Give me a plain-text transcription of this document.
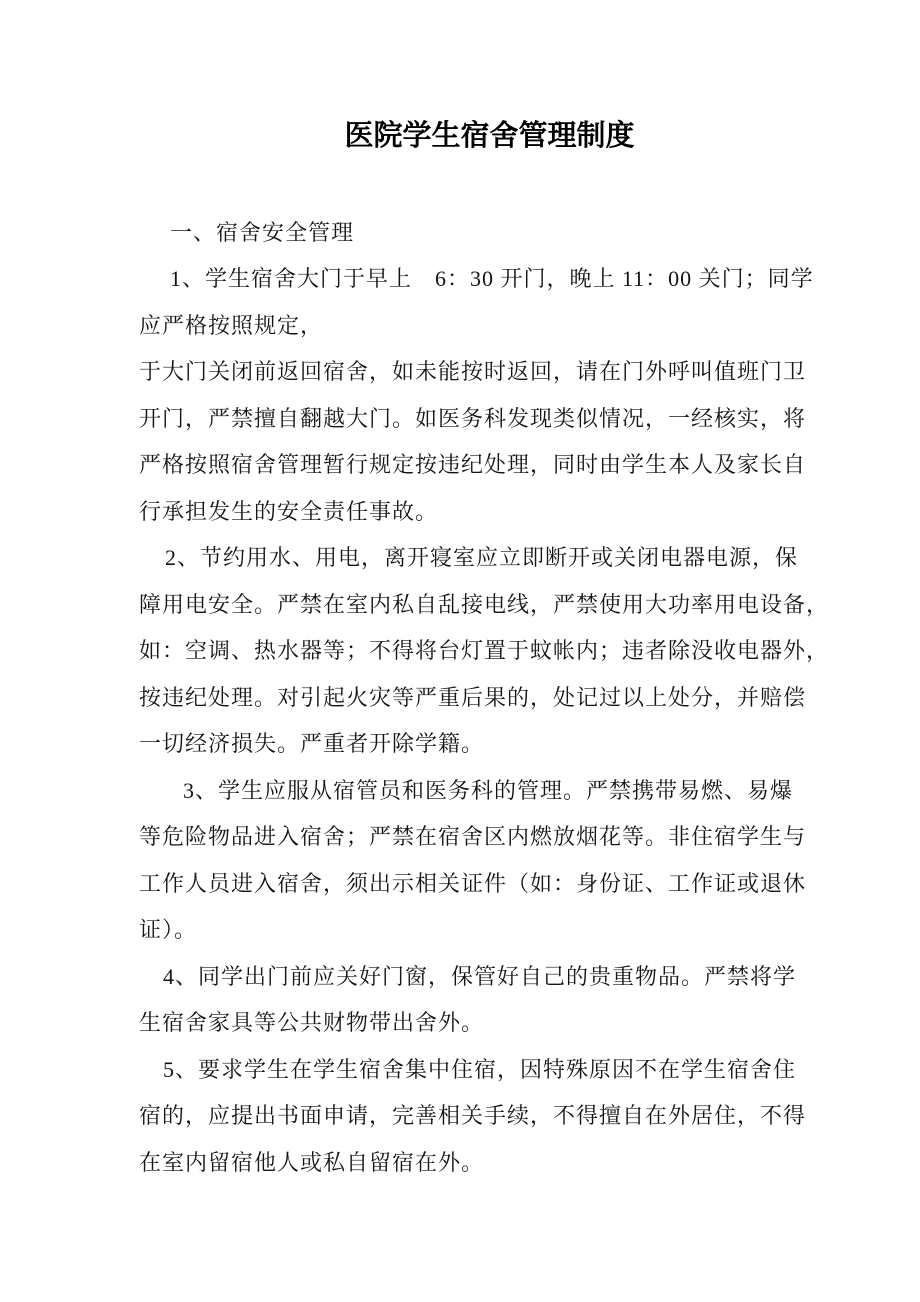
医院学生宿舍管理制度
一、宿舍安全管理
1、学生宿舍大门于早上　6：30 开门，晚上 11：00 关门；同学
应严格按照规定，
于大门关闭前返回宿舍，如未能按时返回，请在门外呼叫值班门卫
开门，严禁擅自翻越大门。如医务科发现类似情况，一经核实，将
严格按照宿舍管理暂行规定按违纪处理，同时由学生本人及家长自
行承担发生的安全责任事故。
2、节约用水、用电，离开寝室应立即断开或关闭电器电源，保
障用电安全。严禁在室内私自乱接电线，严禁使用大功率用电设备，
如：空调、热水器等；不得将台灯置于蚊帐内；违者除没收电器外，
按违纪处理。对引起火灾等严重后果的，处记过以上处分，并赔偿
一切经济损失。严重者开除学籍。
3、学生应服从宿管员和医务科的管理。严禁携带易燃、易爆
等危险物品进入宿舍；严禁在宿舍区内燃放烟花等。非住宿学生与
工作人员进入宿舍，须出示相关证件（如：身份证、工作证或退休
证）。
4、同学出门前应关好门窗，保管好自己的贵重物品。严禁将学
生宿舍家具等公共财物带出舍外。
5、要求学生在学生宿舍集中住宿，因特殊原因不在学生宿舍住
宿的，应提出书面申请，完善相关手续，不得擅自在外居住，不得
在室内留宿他人或私自留宿在外。
